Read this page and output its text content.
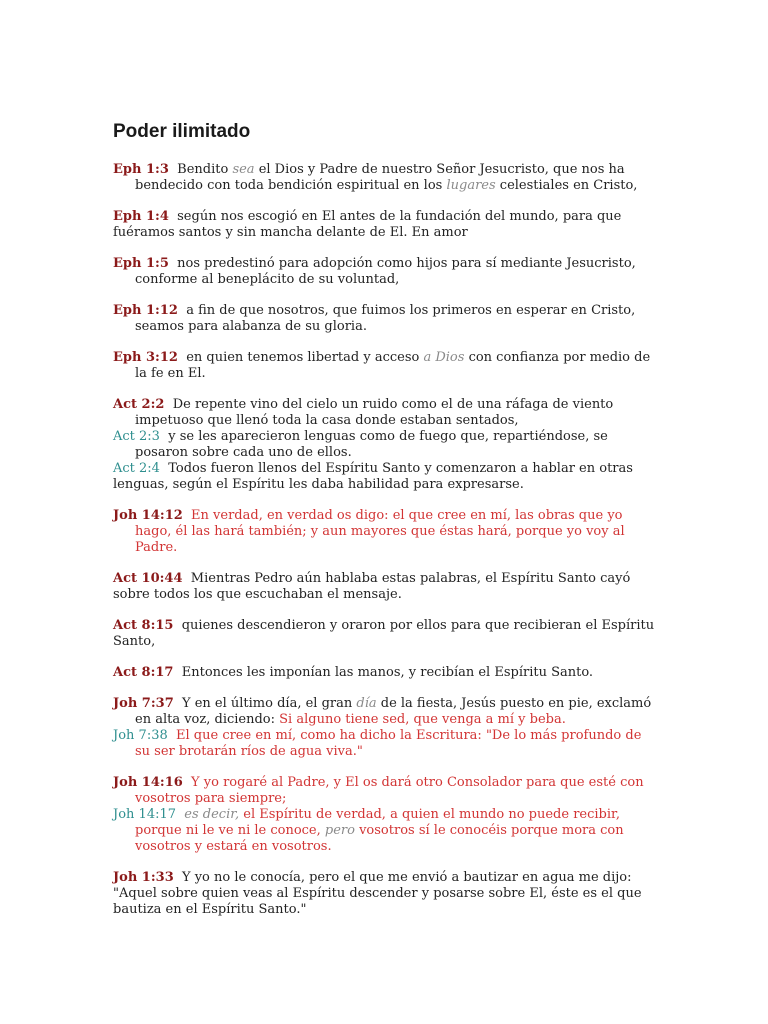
Poder ilimitado

Eph 1:3 Bendito sea el Dios y Padre de nuestro Señor Jesucristo, que nos ha bendecido con toda bendición espiritual en los lugares celestiales en Cristo,

Eph 1:4 según nos escogió en El antes de la fundación del mundo, para que fuéramos santos y sin mancha delante de El. En amor

Eph 1:5 nos predestinó para adopción como hijos para sí mediante Jesucristo, conforme al beneplácito de su voluntad,

Eph 1:12 a fin de que nosotros, que fuimos los primeros en esperar en Cristo, seamos para alabanza de su gloria.

Eph 3:12 en quien tenemos libertad y acceso a Dios con confianza por medio de la fe en El.

Act 2:2 De repente vino del cielo un ruido como el de una ráfaga de viento impetuoso que llenó toda la casa donde estaban sentados,

Act 2:3 y se les aparecieron lenguas como de fuego que, repartiéndose, se posaron sobre cada uno de ellos.

Act 2:4 Todos fueron llenos del Espíritu Santo y comenzaron a hablar en otras lenguas, según el Espíritu les daba habilidad para expresarse.

Joh 14:12 En verdad, en verdad os digo: el que cree en mí, las obras que yo hago, él las hará también; y aun mayores que éstas hará, porque yo voy al Padre.

Act 10:44 Mientras Pedro aún hablaba estas palabras, el Espíritu Santo cayó sobre todos los que escuchaban el mensaje.

Act 8:15 quienes descendieron y oraron por ellos para que recibieran el Espíritu Santo,

Act 8:17 Entonces les imponían las manos, y recibían el Espíritu Santo.

Joh 7:37 Y en el último día, el gran día de la fiesta, Jesús puesto en pie, exclamó en alta voz, diciendo: Si alguno tiene sed, que venga a mí y beba.

Joh 7:38 El que cree en mí, como ha dicho la Escritura: "De lo más profundo de su ser brotarán ríos de agua viva."

Joh 14:16 Y yo rogaré al Padre, y El os dará otro Consolador para que esté con vosotros para siempre;

Joh 14:17 es decir, el Espíritu de verdad, a quien el mundo no puede recibir, porque ni le ve ni le conoce, pero vosotros sí le conocéis porque mora con vosotros y estará en vosotros.

Joh 1:33 Y yo no le conocía, pero el que me envió a bautizar en agua me dijo: "Aquel sobre quien veas al Espíritu descender y posarse sobre El, éste es el que bautiza en el Espíritu Santo."
